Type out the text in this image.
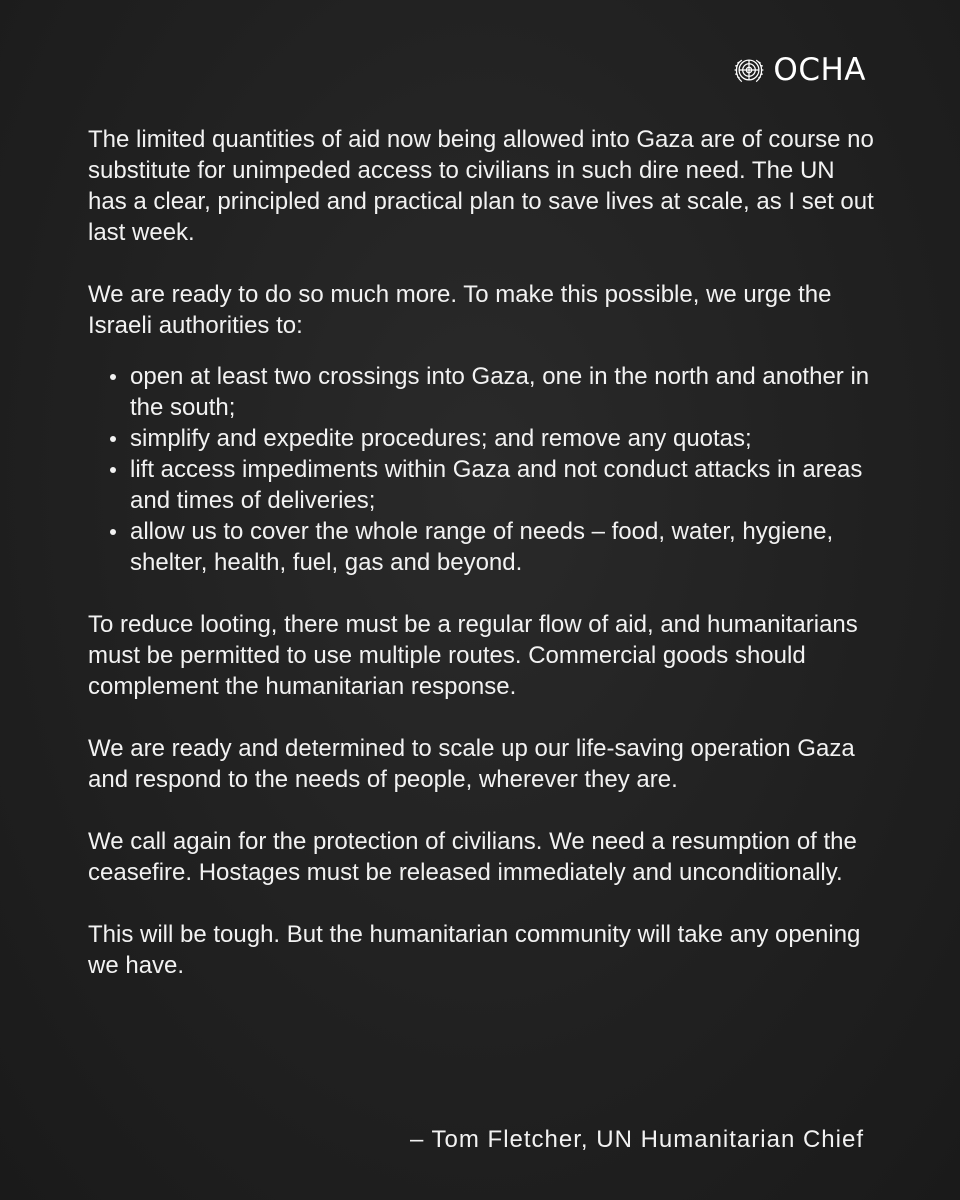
OCHA

The limited quantities of aid now being allowed into Gaza are of course no substitute for unimpeded access to civilians in such dire need. The UN has a clear, principled and practical plan to save lives at scale, as I set out last week.

We are ready to do so much more. To make this possible, we urge the Israeli authorities to:

open at least two crossings into Gaza, one in the north and another in the south;
simplify and expedite procedures; and remove any quotas;
lift access impediments within Gaza and not conduct attacks in areas and times of deliveries;
allow us to cover the whole range of needs – food, water, hygiene, shelter, health, fuel, gas and beyond.

To reduce looting, there must be a regular flow of aid, and humanitarians must be permitted to use multiple routes. Commercial goods should complement the humanitarian response.

We are ready and determined to scale up our life-saving operation Gaza and respond to the needs of people, wherever they are.

We call again for the protection of civilians. We need a resumption of the ceasefire. Hostages must be released immediately and unconditionally.

This will be tough. But the humanitarian community will take any opening we have.

– Tom Fletcher, UN Humanitarian Chief
